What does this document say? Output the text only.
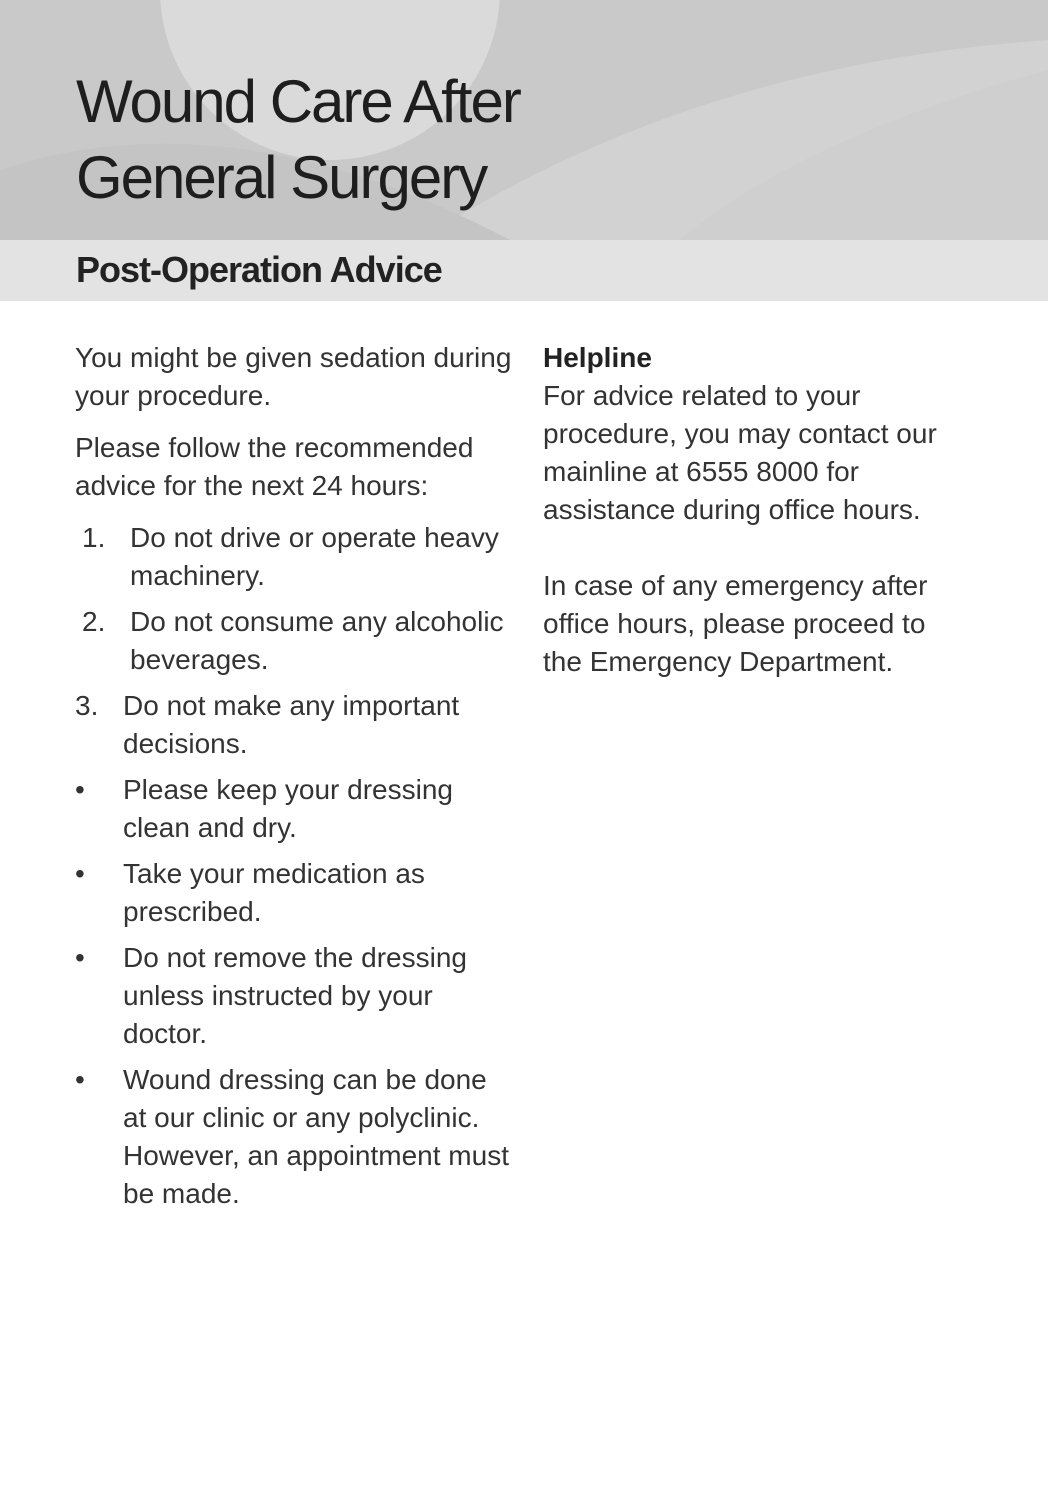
Wound Care After
General Surgery
Post-Operation Advice

You might be given sedation during your procedure.

Please follow the recommended advice for the next 24 hours:

1. Do not drive or operate heavy machinery.
2. Do not consume any alcoholic beverages.
3. Do not make any important decisions.
•	Please keep your dressing clean and dry.
•	Take your medication as prescribed.
•	Do not remove the dressing unless instructed by your doctor.
•	Wound dressing can be done at our clinic or any polyclinic. However, an appointment must be made.

Helpline

For advice related to your procedure, you may contact our mainline at 6555 8000 for assistance during office hours.

In case of any emergency after office hours, please proceed to the Emergency Department.
